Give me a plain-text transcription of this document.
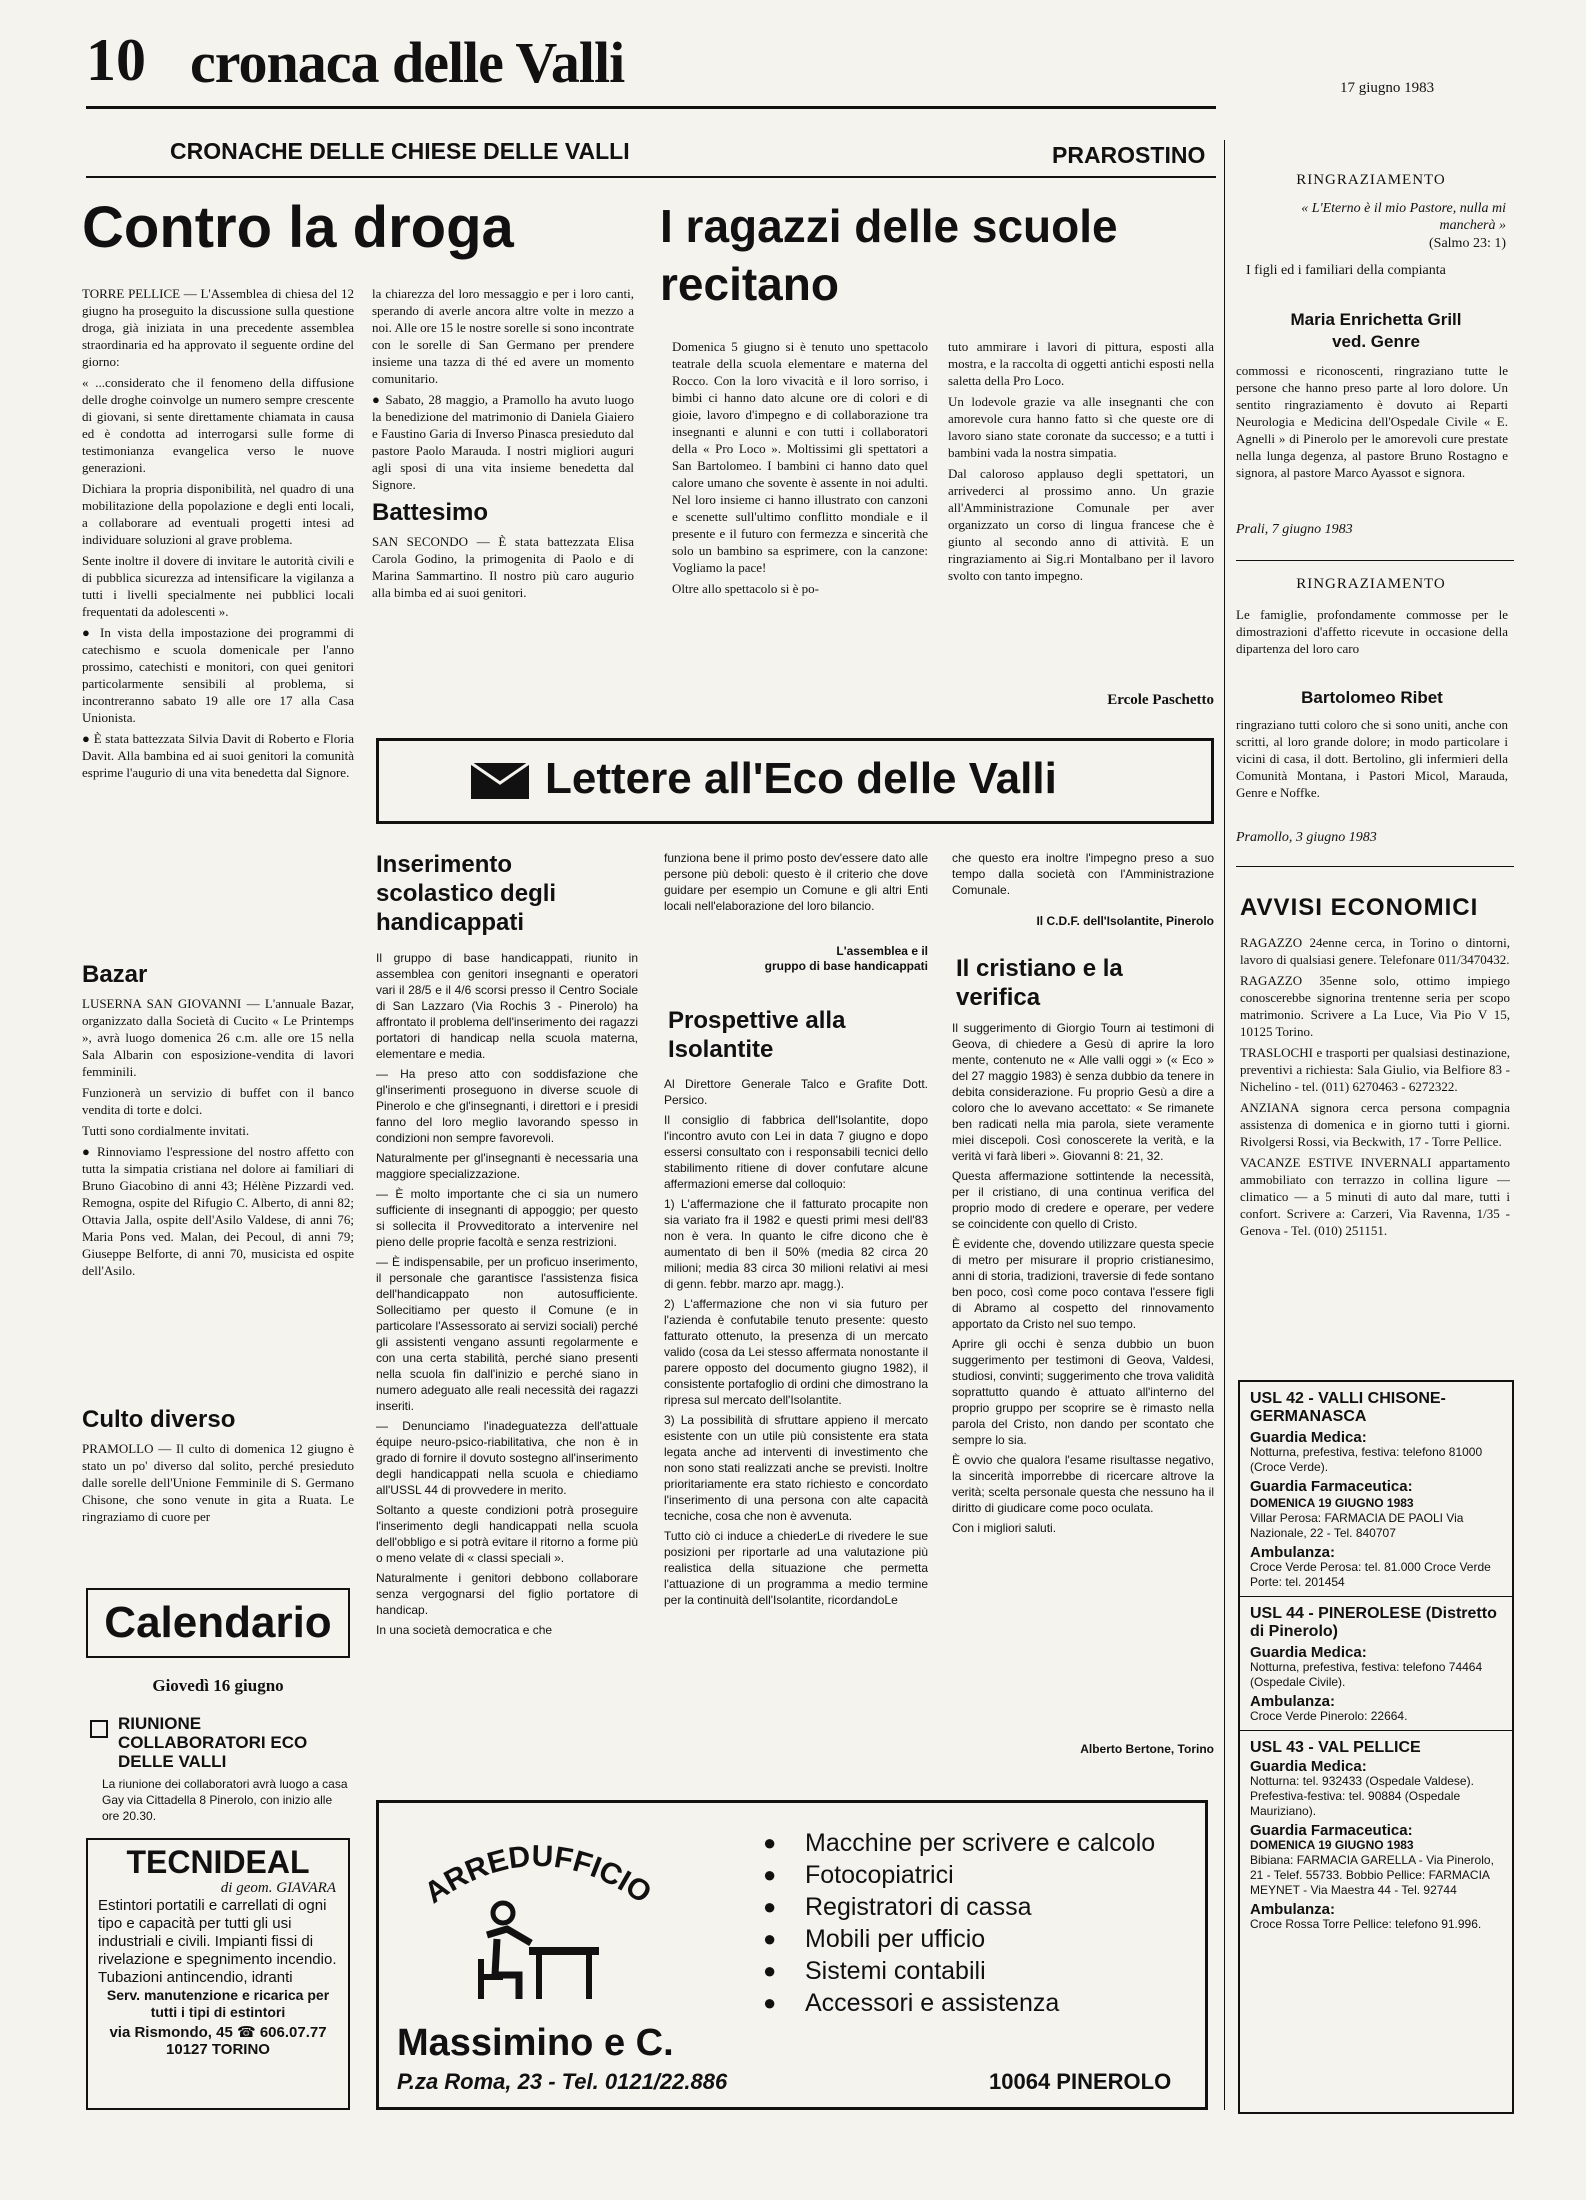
10 cronaca delle Valli	17 giugno 1983
CRONACHE DELLE CHIESE DELLE VALLI	PRAROSTINO
Contro la droga

TORRE PELLICE — L'Assemblea di chiesa del 12 giugno ha proseguito la discussione sulla questione droga, già iniziata in una precedente assemblea straordinaria ed ha approvato il seguente ordine del giorno:

« ...considerato che il fenomeno della diffusione delle droghe coinvolge un numero sempre crescente di giovani, si sente direttamente chiamata in causa ed è condotta ad interrogarsi sulle forme di testimonianza evangelica verso le nuove generazioni.

Dichiara la propria disponibilità, nel quadro di una mobilitazione della popolazione e degli enti locali, a collaborare ad eventuali progetti intesi ad individuare soluzioni al grave problema.

Sente inoltre il dovere di invitare le autorità civili e di pubblica sicurezza ad intensificare la vigilanza a tutti i livelli specialmente nei pubblici locali frequentati da adolescenti ».

● In vista della impostazione dei programmi di catechismo e scuola domenicale per l'anno prossimo, catechisti e monitori, con quei genitori particolarmente sensibili al problema, si incontreranno sabato 19 alle ore 17 alla Casa Unionista.

● È stata battezzata Silvia Davit di Roberto e Floria Davit. Alla bambina ed ai suoi genitori la comunità esprime l'augurio di una vita benedetta dal Signore.

la chiarezza del loro messaggio e per i loro canti, sperando di averle ancora altre volte in mezzo a noi. Alle ore 15 le nostre sorelle si sono incontrate con le sorelle di San Germano per prendere insieme una tazza di thé ed avere un momento comunitario.

● Sabato, 28 maggio, a Pramollo ha avuto luogo la benedizione del matrimonio di Daniela Giaiero e Faustino Garia di Inverso Pinasca presieduto dal pastore Paolo Marauda. I nostri migliori auguri agli sposi di una vita insieme benedetta dal Signore.

Battesimo

SAN SECONDO — È stata battezzata Elisa Carola Godino, la primogenita di Paolo e di Marina Sammartino. Il nostro più caro augurio alla bimba ed ai suoi genitori.

Bazar

LUSERNA SAN GIOVANNI — L'annuale Bazar, organizzato dalla Società di Cucito « Le Printemps », avrà luogo domenica 26 c.m. alle ore 15 nella Sala Albarin con esposizione-vendita di lavori femminili.

Funzionerà un servizio di buffet con il banco vendita di torte e dolci.

Tutti sono cordialmente invitati.

● Rinnoviamo l'espressione del nostro affetto con tutta la simpatia cristiana nel dolore ai familiari di Bruno Giacobino di anni 43; Hélène Pizzardi ved. Remogna, ospite del Rifugio C. Alberto, di anni 82; Ottavia Jalla, ospite dell'Asilo Valdese, di anni 76; Maria Pons ved. Malan, dei Pecoul, di anni 79; Giuseppe Belforte, di anni 70, musicista ed ospite dell'Asilo.

Culto diverso

PRAMOLLO — Il culto di domenica 12 giugno è stato un po' diverso dal solito, perché presieduto dalle sorelle dell'Unione Femminile di S. Germano Chisone, che sono venute in gita a Ruata. Le ringraziamo di cuore per

Calendario
Giovedì 16 giugno
RIUNIONE COLLABORATORI ECO DELLE VALLI
La riunione dei collaboratori avrà luogo a casa Gay via Cittadella 8 Pinerolo, con inizio alle ore 20.30.
TECNIDEAL
di geom. GIAVARA
Estintori portatili e carrellati di ogni tipo e capacità per tutti gli usi industriali e civili. Impianti fissi di rivelazione e spegnimento incendio. Tubazioni antincendio, idranti
Serv. manutenzione e ricarica per tutti i tipi di estintori
via Rismondo, 45 ☎ 606.07.77
10127 TORINO
I ragazzi delle scuole
recitano

Domenica 5 giugno si è tenuto uno spettacolo teatrale della scuola elementare e materna del Rocco. Con la loro vivacità e il loro sorriso, i bimbi ci hanno dato alcune ore di colori e di gioie, lavoro d'impegno e di collaborazione tra insegnanti e alunni e con tutti i collaboratori della « Pro Loco ». Moltissimi gli spettatori a San Bartolomeo. I bambini ci hanno dato quel calore umano che sovente è assente in noi adulti. Nel loro insieme ci hanno illustrato con canzoni e scenette sull'ultimo conflitto mondiale e il presente e il futuro con fermezza e sincerità che solo un bambino sa esprimere, con la canzone: Vogliamo la pace!

Oltre allo spettacolo si è po-

tuto ammirare i lavori di pittura, esposti alla mostra, e la raccolta di oggetti antichi esposti nella saletta della Pro Loco.

Un lodevole grazie va alle insegnanti che con amorevole cura hanno fatto sì che queste ore di lavoro siano state coronate da successo; e a tutti i bambini vada la nostra simpatia.

Dal caloroso applauso degli spettatori, un arrivederci al prossimo anno. Un grazie all'Amministrazione Comunale per aver organizzato un corso di lingua francese che è giunto al secondo anno di attività. E un ringraziamento ai Sig.ri Montalbano per il lavoro svolto con tanto impegno.

Ercole Paschetto
Lettere all'Eco delle Valli
Inserimento scolastico degli handicappati

Il gruppo di base handicappati, riunito in assemblea con genitori insegnanti e operatori vari il 28/5 e il 4/6 scorsi presso il Centro Sociale di San Lazzaro (Via Rochis 3 - Pinerolo) ha affrontato il problema dell'inserimento dei ragazzi portatori di handicap nella scuola materna, elementare e media.

— Ha preso atto con soddisfazione che gl'inserimenti proseguono in diverse scuole di Pinerolo e che gl'insegnanti, i direttori e i presidi fanno del loro meglio lavorando spesso in condizioni non sempre favorevoli.

Naturalmente per gl'insegnanti è necessaria una maggiore specializzazione.

— È molto importante che ci sia un numero sufficiente di insegnanti di appoggio; per questo si sollecita il Provveditorato a intervenire nel pieno delle proprie facoltà e senza restrizioni.

— È indispensabile, per un proficuo inserimento, il personale che garantisce l'assistenza fisica dell'handicappato non autosufficiente. Sollecitiamo per questo il Comune (e in particolare l'Assessorato ai servizi sociali) perché gli assistenti vengano assunti regolarmente e con una certa stabilità, perché siano presenti nella scuola fin dall'inizio e perché siano in numero adeguato alle reali necessità dei ragazzi inseriti.

— Denunciamo l'inadeguatezza dell'attuale équipe neuro-psico-riabilitativa, che non è in grado di fornire il dovuto sostegno all'inserimento degli handicappati nella scuola e chiediamo all'USSL 44 di provvedere in merito.

Soltanto a queste condizioni potrà proseguire l'inserimento degli handicappati nella scuola dell'obbligo e si potrà evitare il ritorno a forme più o meno velate di « classi speciali ».

Naturalmente i genitori debbono collaborare senza vergognarsi del figlio portatore di handicap.

In una società democratica e che

funziona bene il primo posto dev'essere dato alle persone più deboli: questo è il criterio che dove guidare per esempio un Comune e gli altri Enti locali nell'elaborazione del loro bilancio.
L'assemblea e il
gruppo di base handicappati
Prospettive alla Isolantite

Al Direttore Generale Talco e Grafite Dott. Persico.

Il consiglio di fabbrica dell'Isolantite, dopo l'incontro avuto con Lei in data 7 giugno e dopo essersi consultato con i responsabili tecnici dello stabilimento ritiene di dover confutare alcune affermazioni emerse dal colloquio:

1) L'affermazione che il fatturato procapite non sia variato fra il 1982 e questi primi mesi dell'83 non è vera. In quanto le cifre dicono che è aumentato di ben il 50% (media 82 circa 20 milioni; media 83 circa 30 milioni relativi ai mesi di genn. febbr. marzo apr. magg.).

2) L'affermazione che non vi sia futuro per l'azienda è confutabile tenuto presente: questo fatturato ottenuto, la presenza di un mercato valido (cosa da Lei stesso affermata nonostante il parere opposto del documento giugno 1982), il consistente portafoglio di ordini che dimostrano la ripresa sul mercato dell'Isolantite.

3) La possibilità di sfruttare appieno il mercato esistente con un utile più consistente era stata legata anche ad interventi di investimento che non sono stati realizzati anche se previsti. Inoltre prioritariamente era stato richiesto e concordato l'inserimento di una persona con alte capacità tecniche, cosa che non è avvenuta.

Tutto ciò ci induce a chiederLe di rivedere le sue posizioni per riportarle ad una valutazione più realistica della situazione che permetta l'attuazione di un programma a medio termine per la continuità dell'Isolantite, ricordandoLe

che questo era inoltre l'impegno preso a suo tempo dalla società con l'Amministrazione Comunale.
Il C.D.F. dell'Isolantite, Pinerolo
Il cristiano e la verifica

Il suggerimento di Giorgio Tourn ai testimoni di Geova, di chiedere a Gesù di aprire la loro mente, contenuto ne « Alle valli oggi » (« Eco » del 27 maggio 1983) è senza dubbio da tenere in debita considerazione. Fu proprio Gesù a dire a coloro che lo avevano accettato: « Se rimanete ben radicati nella mia parola, siete veramente miei discepoli. Così conoscerete la verità, e la verità vi farà liberi ». Giovanni 8: 21, 32.

Questa affermazione sottintende la necessità, per il cristiano, di una continua verifica del proprio modo di credere e operare, per vedere se coincidente con quello di Cristo.

È evidente che, dovendo utilizzare questa specie di metro per misurare il proprio cristianesimo, anni di storia, tradizioni, traversie di fede sontano ben poco, così come poco contava l'essere figli di Abramo al cospetto del rinnovamento apportato da Cristo nel suo tempo.

Aprire gli occhi è senza dubbio un buon suggerimento per testimoni di Geova, Valdesi, studiosi, convinti; suggerimento che trova validità soprattutto quando è attuato all'interno del proprio gruppo per scoprire se è rimasto nella parola del Cristo, non dando per scontato che sempre lo sia.

È ovvio che qualora l'esame risultasse negativo, la sincerità imporrebbe di ricercare altrove la verità; scelta personale questa che nessuno ha il diritto di giudicare come poco oculata.

Con i migliori saluti.

Alberto Bertone, Torino
ARREDUFFICIO
Massimino e C.
P.za Roma, 23 - Tel. 0121/22.886	10064 PINEROLO
● Macchine per scrivere e calcolo
● Fotocopiatrici
● Registratori di cassa
● Mobili per ufficio
● Sistemi contabili
● Accessori e assistenza
RINGRAZIAMENTO
« L'Eterno è il mio Pastore, nulla mi mancherà »
(Salmo 23: 1)
I figli ed i familiari della compianta
Maria Enrichetta Grill
ved. Genre
commossi e riconoscenti, ringraziano tutte le persone che hanno preso parte al loro dolore. Un sentito ringraziamento è dovuto ai Reparti Neurologia e Medicina dell'Ospedale Civile « E. Agnelli » di Pinerolo per le amorevoli cure prestate nella lunga degenza, al pastore Bruno Rostagno e signora, al pastore Marco Ayassot e signora.
Prali, 7 giugno 1983
RINGRAZIAMENTO
Le famiglie, profondamente commosse per le dimostrazioni d'affetto ricevute in occasione della dipartenza del loro caro
Bartolomeo Ribet
ringraziano tutti coloro che si sono uniti, anche con scritti, al loro grande dolore; in modo particolare i vicini di casa, il dott. Bertolino, gli infermieri della Comunità Montana, i Pastori Micol, Marauda, Genre e Noffke.
Pramollo, 3 giugno 1983
AVVISI ECONOMICI
RAGAZZO 24enne cerca, in Torino o dintorni, lavoro di qualsiasi genere. Telefonare 011/3470432.
RAGAZZO 35enne solo, ottimo impiego conoscerebbe signorina trentenne seria per scopo matrimonio. Scrivere a La Luce, Via Pio V 15, 10125 Torino.
TRASLOCHI e trasporti per qualsiasi destinazione, preventivi a richiesta: Sala Giulio, via Belfiore 83 - Nichelino - tel. (011) 6270463 - 6272322.
ANZIANA signora cerca persona compagnia assistenza di domenica e in giorno tutti i giorni. Rivolgersi Rossi, via Beckwith, 17 - Torre Pellice.
VACANZE ESTIVE INVERNALI appartamento ammobiliato con terrazzo in collina ligure — climatico — a 5 minuti di auto dal mare, tutti i confort. Scrivere a: Carzeri, Via Ravenna, 1/35 - Genova - Tel. (010) 251151.
USL 42 - VALLI CHISONE-GERMANASCA
Guardia Medica:
Notturna, prefestiva, festiva: telefono 81000 (Croce Verde).
Guardia Farmaceutica:
DOMENICA 19 GIUGNO 1983
Villar Perosa: FARMACIA DE PAOLI Via Nazionale, 22 - Tel. 840707
Ambulanza:
Croce Verde Perosa: tel. 81.000 Croce Verde Porte: tel. 201454
USL 44 - PINEROLESE (Distretto di Pinerolo)
Guardia Medica:
Notturna, prefestiva, festiva: telefono 74464 (Ospedale Civile).
Ambulanza:
Croce Verde Pinerolo: 22664.
USL 43 - VAL PELLICE
Guardia Medica:
Notturna: tel. 932433 (Ospedale Valdese). Prefestiva-festiva: tel. 90884 (Ospedale Mauriziano).
Guardia Farmaceutica:
DOMENICA 19 GIUGNO 1983
Bibiana: FARMACIA GARELLA - Via Pinerolo, 21 - Telef. 55733. Bobbio Pellice: FARMACIA MEYNET - Via Maestra 44 - Tel. 92744
Ambulanza:
Croce Rossa Torre Pellice: telefono 91.996.
